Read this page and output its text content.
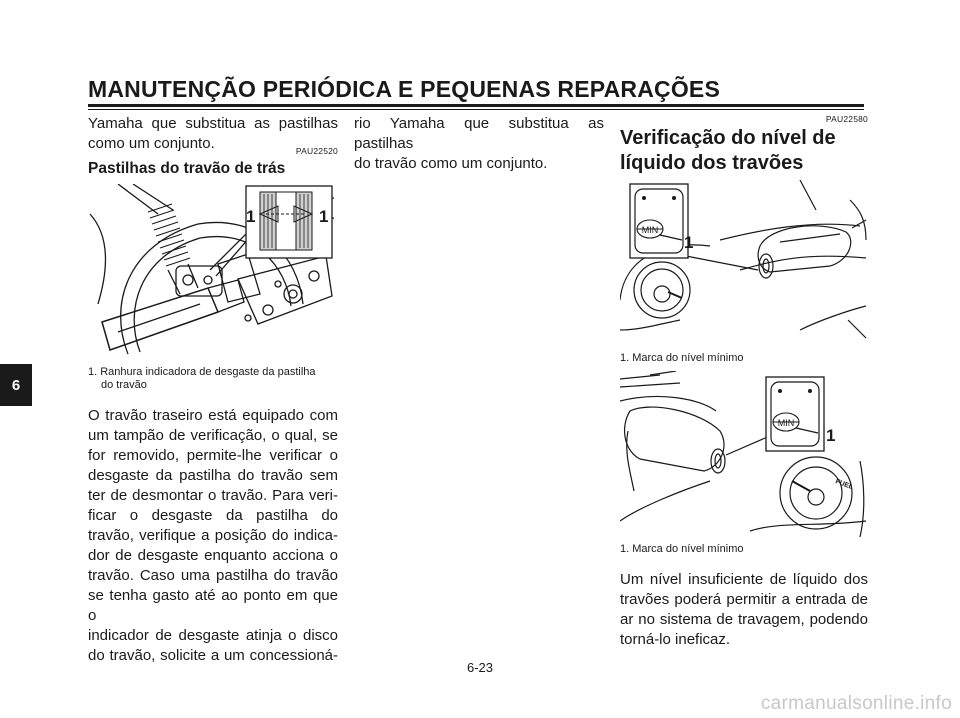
MANUTENÇÃO PERIÓDICA E PEQUENAS REPARAÇÕES
6

Yamaha que substitua as pastilhas

como um conjunto.	PAU22520

Pastilhas do travão de trás

1	1

1. Ranhura indicadora de desgaste da pastilha
do travão

O travão traseiro está equipado com

um tampão de verificação, o qual, se

for removido, permite-lhe verificar o

desgaste da pastilha do travão sem

ter de desmontar o travão. Para veri-

ficar o desgaste da pastilha do

travão, verifique a posição do indica-

dor de desgaste enquanto acciona o

travão. Caso uma pastilha do travão

se tenha gasto até ao ponto em que o

indicador de desgaste atinja o disco

do travão, solicite a um concessioná-

rio Yamaha que substitua as pastilhas

do travão como um conjunto.

PAU22580

Verificação do nível de

líquido dos travões

MIN
1

1. Marca do nível mínimo

FUEL
MIN
1

1. Marca do nível mínimo

Um nível insuficiente de líquido dos

travões poderá permitir a entrada de

ar no sistema de travagem, podendo

torná-lo ineficaz.

6-23
carmanualsonline.info
